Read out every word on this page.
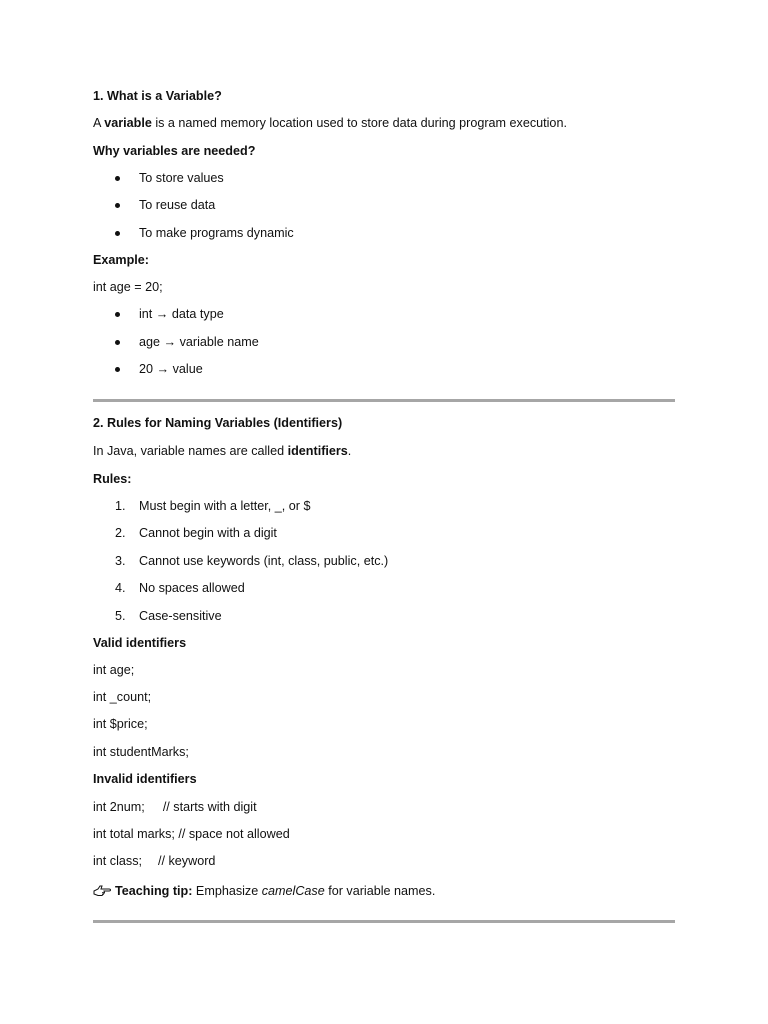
1. What is a Variable?
A variable is a named memory location used to store data during program execution.
Why variables are needed?
To store values
To reuse data
To make programs dynamic
Example:
int age = 20;
int → data type
age → variable name
20 → value
2. Rules for Naming Variables (Identifiers)
In Java, variable names are called identifiers.
Rules:
1.	Must begin with a letter, _, or $
2.	Cannot begin with a digit
3.	Cannot use keywords (int, class, public, etc.)
4.	No spaces allowed
5.	Case-sensitive
Valid identifiers
int age;
int _count;
int $price;
int studentMarks;
Invalid identifiers
int 2num; // starts with digit
int total marks; // space not allowed
int class; // keyword
Teaching tip: Emphasize camelCase for variable names.
